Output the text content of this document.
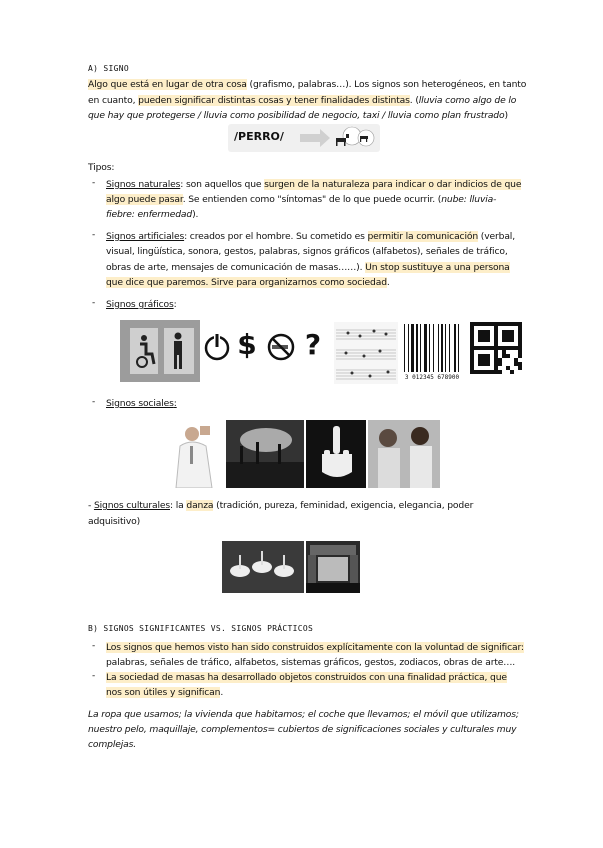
A) SIGNO
Algo que está en lugar de otra cosa (grafismo, palabras…). Los signos son heterogéneos, en tanto
en cuanto, pueden significar distintas cosas y tener finalidades distintas. (lluvia como algo de lo
que hay que protegerse / lluvia como posibilidad de negocio, taxi / lluvia como plan frustrado)
/PERRO/
Tipos:
- Signos naturales: son aquellos que surgen de la naturaleza para indicar o dar indicios de que
algo puede pasar. Se entienden como "síntomas" de lo que puede ocurrir. (nube: lluvia-
fiebre: enfermedad).
- Signos artificiales: creados por el hombre. Su cometido es permitir la comunicación (verbal,
visual, lingüística, sonora, gestos, palabras, signos gráficos (alfabetos), señales de tráfico,
obras de arte, mensajes de comunicación de masas……). Un stop sustituye a una persona
que dice que paremos. Sirve para organizarnos como sociedad.
- Signos gráficos:
$ ?
3 012345 678900
- Signos sociales:
- Signos culturales: la danza (tradición, pureza, feminidad, exigencia, elegancia, poder
adquisitivo)
B) SIGNOS SIGNIFICANTES VS. SIGNOS PRÁCTICOS
- Los signos que hemos visto han sido construidos explícitamente con la voluntad de significar:
palabras, señales de tráfico, alfabetos, sistemas gráficos, gestos, zodiacos, obras de arte….
- La sociedad de masas ha desarrollado objetos construidos con una finalidad práctica, que
nos son útiles y significan.
La ropa que usamos; la vivienda que habitamos; el coche que llevamos; el móvil que utilizamos;
nuestro pelo, maquillaje, complementos= cubiertos de significaciones sociales y culturales muy
complejas.
